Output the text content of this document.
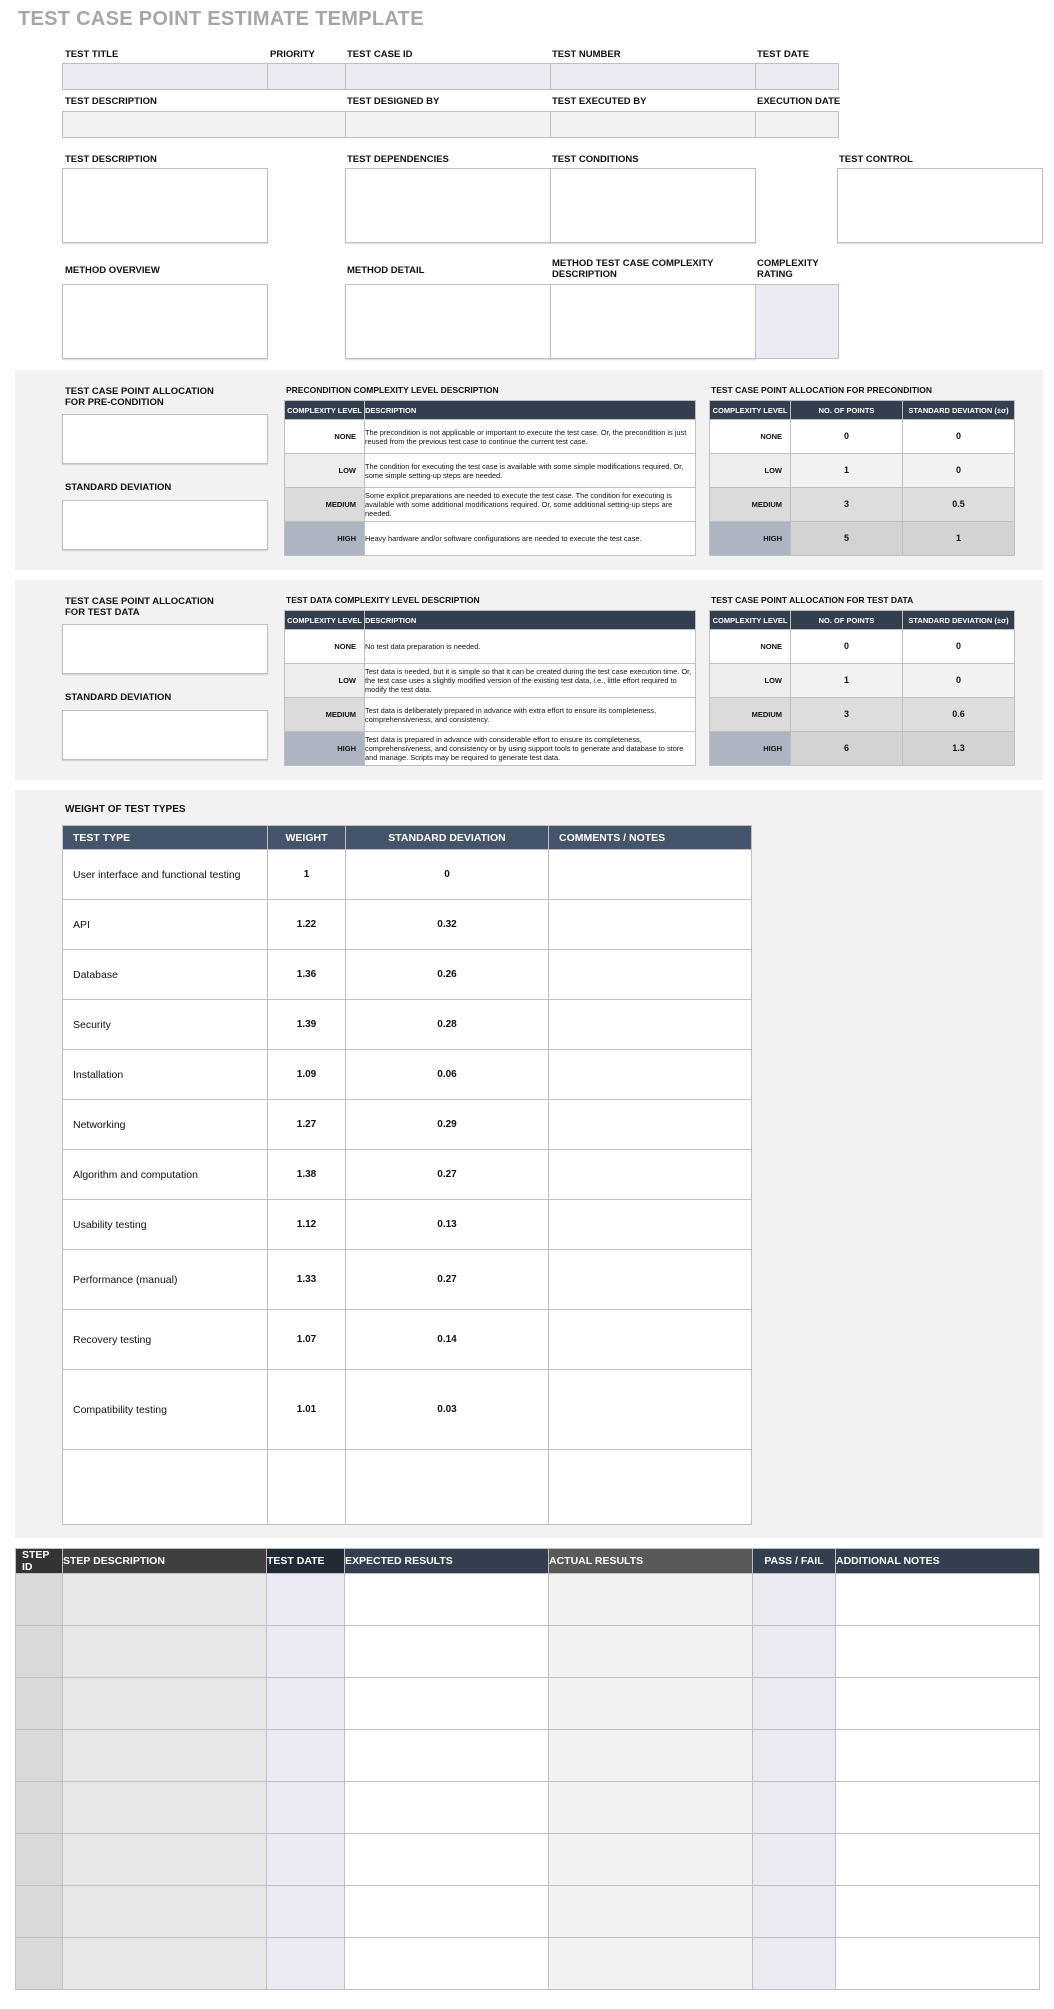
TEST CASE POINT ESTIMATE TEMPLATE
TEST TITLE	PRIORITY	TEST CASE ID	TEST NUMBER	TEST DATE
TEST DESCRIPTION	TEST DESIGNED BY	TEST EXECUTED BY	EXECUTION DATE
TEST DESCRIPTION	TEST DEPENDENCIES	TEST CONDITIONS	TEST CONTROL
METHOD OVERVIEW	METHOD DETAIL
METHOD TEST CASE COMPLEXITY DESCRIPTION
COMPLEXITY RATING
TEST CASE POINT ALLOCATION FOR PRE-CONDITION
STANDARD DEVIATION
PRECONDITION COMPLEXITY LEVEL DESCRIPTION
COMPLEXITY LEVEL	DESCRIPTION
NONE	The precondition is not applicable or important to execute the test case. Or, the precondition is just reused from the previous test case to continue the current test case.
LOW	The condition for executing the test case is available with some simple modifications required. Or, some simple setting-up steps are needed.
MEDIUM	Some explicit preparations are needed to execute the test case. The condition for executing is available with some additional modifications required. Or, some additional setting-up steps are needed.
HIGH	Heavy hardware and/or software configurations are needed to execute the test case.
TEST CASE POINT ALLOCATION FOR PRECONDITION
COMPLEXITY LEVEL	NO. OF POINTS	STANDARD DEVIATION (±σ)
NONE	0	0
LOW	1	0
MEDIUM	3	0.5
HIGH	5	1
TEST CASE POINT ALLOCATION FOR TEST DATA
STANDARD DEVIATION
TEST DATA COMPLEXITY LEVEL DESCRIPTION
COMPLEXITY LEVEL	DESCRIPTION
NONE	No test data preparation is needed.
LOW	Test data is needed, but it is simple so that it can be created during the test case execution time. Or, the test case uses a slightly modified version of the existing test data, i.e., little effort required to modify the test data.
MEDIUM	Test data is deliberately prepared in advance with extra effort to ensure its completeness, comprehensiveness, and consistency.
HIGH	Test data is prepared in advance with considerable effort to ensure its completeness, comprehensiveness, and consistency or by using support tools to generate and database to store and manage. Scripts may be required to generate test data.
TEST CASE POINT ALLOCATION FOR TEST DATA
COMPLEXITY LEVEL	NO. OF POINTS	STANDARD DEVIATION (±σ)
NONE	0	0
LOW	1	0
MEDIUM	3	0.6
HIGH	6	1.3
WEIGHT OF TEST TYPES
TEST TYPE	WEIGHT	STANDARD DEVIATION	COMMENTS / NOTES
User interface and functional testing	1	0	
API	1.22	0.32	
Database	1.36	0.26	
Security	1.39	0.28	
Installation	1.09	0.06	
Networking	1.27	0.29	
Algorithm and computation	1.38	0.27	
Usability testing	1.12	0.13	
Performance (manual)	1.33	0.27	
Recovery testing	1.07	0.14	
Compatibility testing	1.01	0.03	

STEP ID	STEP DESCRIPTION	TEST DATE	EXPECTED RESULTS	ACTUAL RESULTS	PASS / FAIL	ADDITIONAL NOTES
